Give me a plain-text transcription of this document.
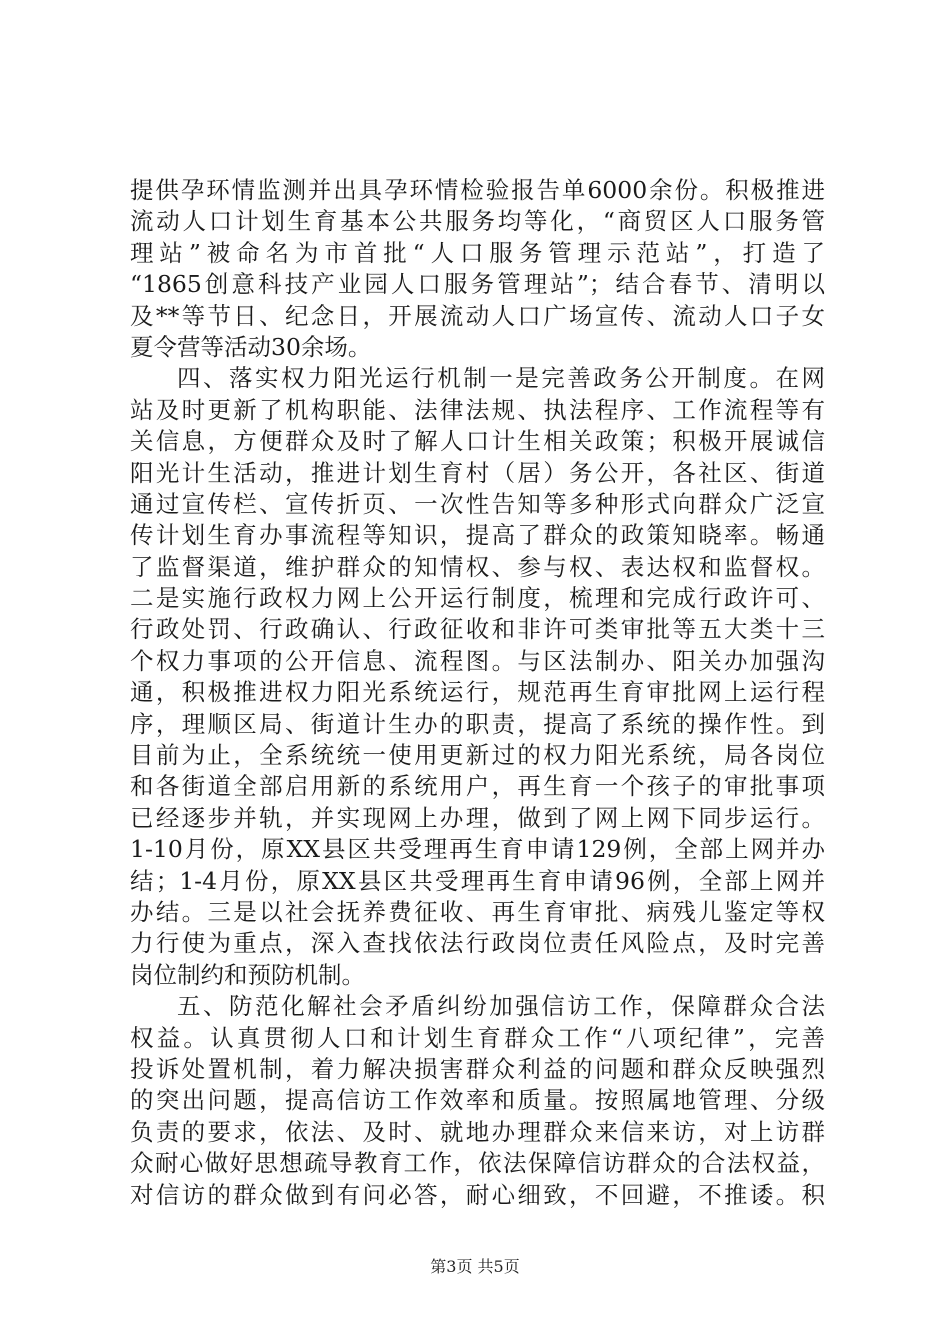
提供孕环情监测并出具孕环情检验报告单6000余份。积极推进
流动人口计划生育基本公共服务均等化，“商贸区人口服务管
理站”被命名为市首批“人口服务管理示范站”，打造了
“1865创意科技产业园人口服务管理站”；结合春节、清明以
及**等节日、纪念日，开展流动人口广场宣传、流动人口子女
夏令营等活动30余场。
四、落实权力阳光运行机制一是完善政务公开制度。在网
站及时更新了机构职能、法律法规、执法程序、工作流程等有
关信息，方便群众及时了解人口计生相关政策；积极开展诚信
阳光计生活动，推进计划生育村（居）务公开，各社区、街道
通过宣传栏、宣传折页、一次性告知等多种形式向群众广泛宣
传计划生育办事流程等知识，提高了群众的政策知晓率。畅通
了监督渠道，维护群众的知情权、参与权、表达权和监督权。
二是实施行政权力网上公开运行制度，梳理和完成行政许可、
行政处罚、行政确认、行政征收和非许可类审批等五大类十三
个权力事项的公开信息、流程图。与区法制办、阳关办加强沟
通，积极推进权力阳光系统运行，规范再生育审批网上运行程
序，理顺区局、街道计生办的职责，提高了系统的操作性。到
目前为止，全系统统一使用更新过的权力阳光系统，局各岗位
和各街道全部启用新的系统用户，再生育一个孩子的审批事项
已经逐步并轨，并实现网上办理，做到了网上网下同步运行。
1-10月份，原XX县区共受理再生育申请129例，全部上网并办
结；1-4月份，原XX县区共受理再生育申请96例，全部上网并
办结。三是以社会抚养费征收、再生育审批、病残儿鉴定等权
力行使为重点，深入查找依法行政岗位责任风险点，及时完善
岗位制约和预防机制。
五、防范化解社会矛盾纠纷加强信访工作，保障群众合法
权益。认真贯彻人口和计划生育群众工作“八项纪律”，完善
投诉处置机制，着力解决损害群众利益的问题和群众反映强烈
的突出问题，提高信访工作效率和质量。按照属地管理、分级
负责的要求，依法、及时、就地办理群众来信来访，对上访群
众耐心做好思想疏导教育工作，依法保障信访群众的合法权益，
对信访的群众做到有问必答，耐心细致，不回避，不推诿。积
第3页 共5页
